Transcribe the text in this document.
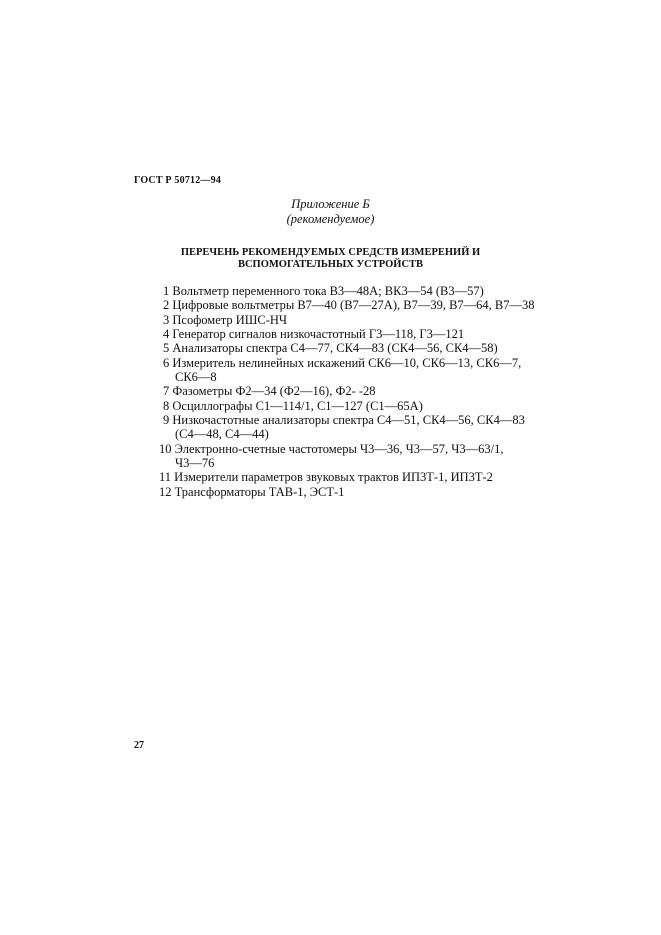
ГОСТ Р 50712—94
Приложение Б
(рекомендуемое)
ПЕРЕЧЕНЬ РЕКОМЕНДУЕМЫХ СРЕДСТВ ИЗМЕРЕНИЙ И
ВСПОМОГАТЕЛЬНЫХ УСТРОЙСТВ
1 Вольтметр переменного тока В3—48А; ВК3—54 (В3—57)
2 Цифровые вольтметры В7—40 (В7—27А), В7—39, В7—64, В7—38
3 Псофометр ИШС-НЧ
4 Генератор сигналов низкочастотный Г3—118, Г3—121
5 Анализаторы спектра С4—77, СК4—83 (СК4—56, СК4—58)
6 Измеритель нелинейных искажений СК6—10, СК6—13, СК6—7,
СК6—8
7 Фазометры Ф2—34 (Ф2—16), Ф2- -28
8 Осциллографы С1—114/1, С1—127 (С1—65А)
9 Низкочастотные анализаторы спектра С4—51, СК4—56, СК4—83
(С4—48, С4—44)
10 Электронно-счетные частотомеры Ч3—36, Ч3—57, Ч3—63/1,
Ч3—76
11 Измерители параметров звуковых трактов ИП3Т-1, ИП3Т-2
12 Трансформаторы ТАВ-1, ЭСТ-1
27
